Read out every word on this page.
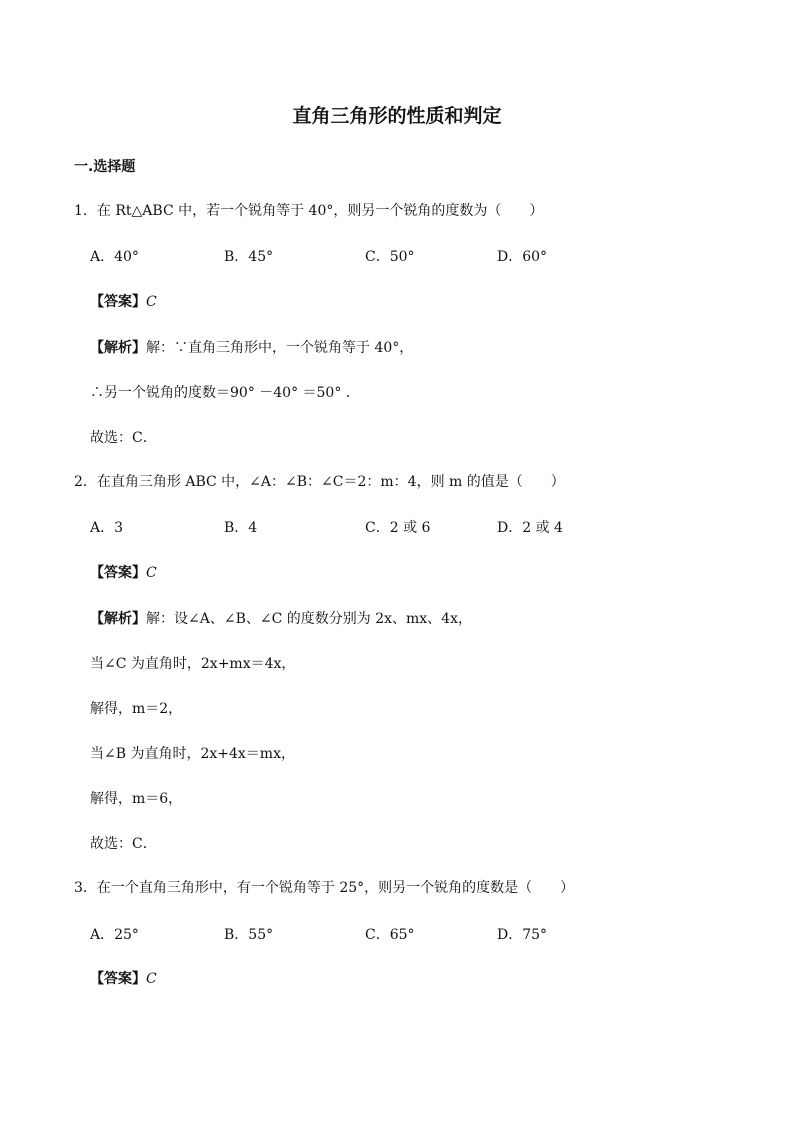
直角三角形的性质和判定
一.选择题
1．在 Rt△ABC 中，若一个锐角等于 40°，则另一个锐角的度数为（　　）
A．40°	B．45°	C．50°	D．60°
【答案】C
【解析】解：∵直角三角形中，一个锐角等于 40°，
∴另一个锐角的度数＝90° －40° ＝50° ．
故选：C．
2．在直角三角形 ABC 中，∠A：∠B：∠C＝2：m：4，则 m 的值是（　　）
A．3	B．4	C．2 或 6	D．2 或 4
【答案】C
【解析】解：设∠A、∠B、∠C 的度数分别为 2x、mx、4x，
当∠C 为直角时，2x+mx＝4x，
解得，m＝2，
当∠B 为直角时，2x+4x＝mx，
解得，m＝6，
故选：C．
3．在一个直角三角形中，有一个锐角等于 25°，则另一个锐角的度数是（　　）
A．25°	B．55°	C．65°	D．75°
【答案】C
